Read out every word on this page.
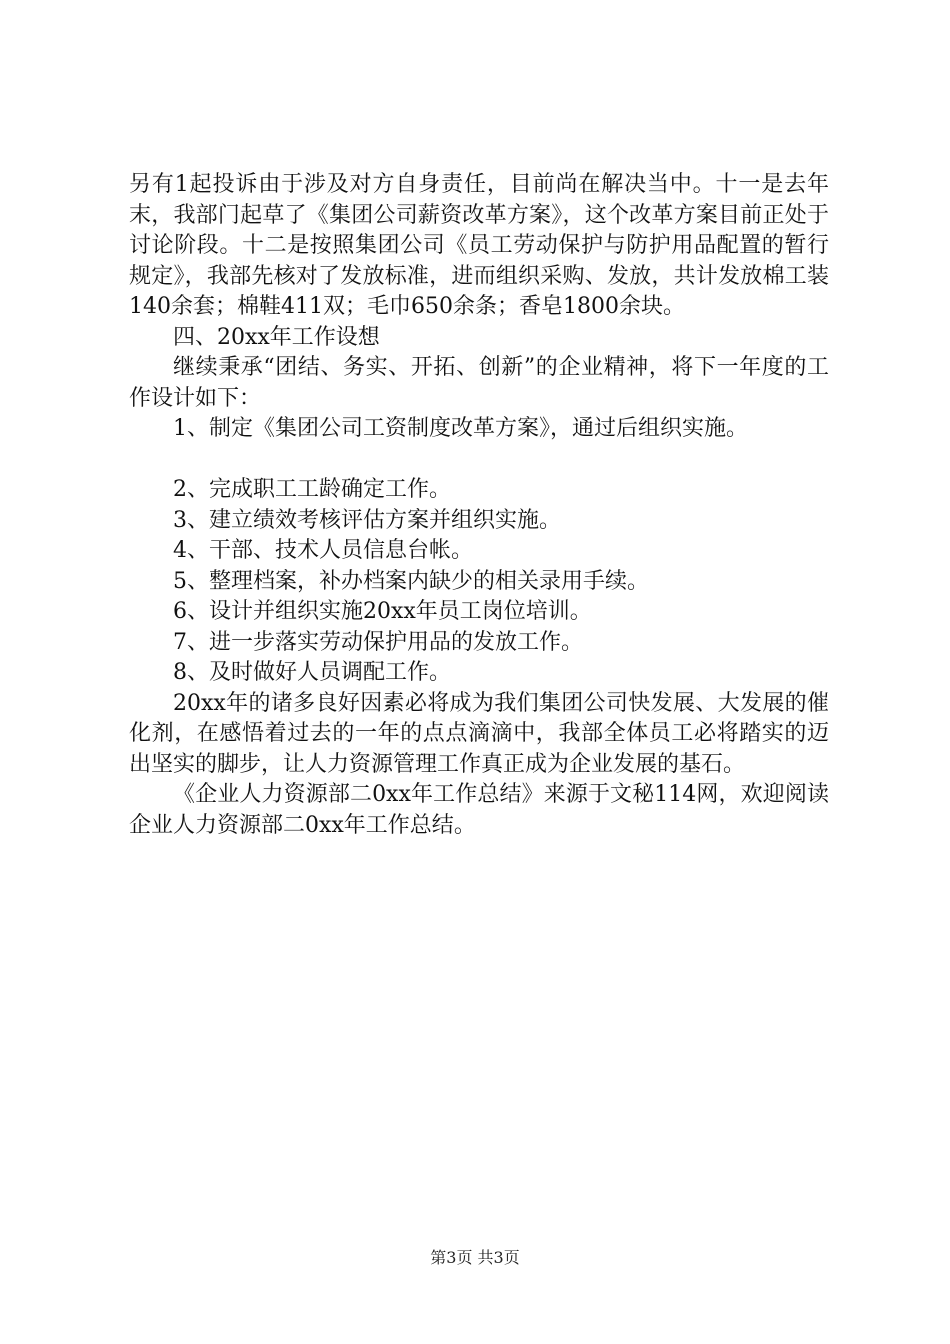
另有1起投诉由于涉及对方自身责任，目前尚在解决当中。十一是去年末，我部门起草了《集团公司薪资改革方案》，这个改革方案目前正处于讨论阶段。十二是按照集团公司《员工劳动保护与防护用品配置的暂行规定》，我部先核对了发放标准，进而组织采购、发放，共计发放棉工装140余套；棉鞋411双；毛巾650余条；香皂1800余块。

四、20xx年工作设想

继续秉承“团结、务实、开拓、创新”的企业精神，将下一年度的工作设计如下：

1、制定《集团公司工资制度改革方案》，通过后组织实施。

2、完成职工工龄确定工作。

3、建立绩效考核评估方案并组织实施。

4、干部、技术人员信息台帐。

5、整理档案，补办档案内缺少的相关录用手续。

6、设计并组织实施20xx年员工岗位培训。

7、进一步落实劳动保护用品的发放工作。

8、及时做好人员调配工作。

20xx年的诸多良好因素必将成为我们集团公司快发展、大发展的催化剂，在感悟着过去的一年的点点滴滴中，我部全体员工必将踏实的迈出坚实的脚步，让人力资源管理工作真正成为企业发展的基石。

《企业人力资源部二0xx年工作总结》来源于文秘114网，欢迎阅读企业人力资源部二0xx年工作总结。

第3页 共3页
